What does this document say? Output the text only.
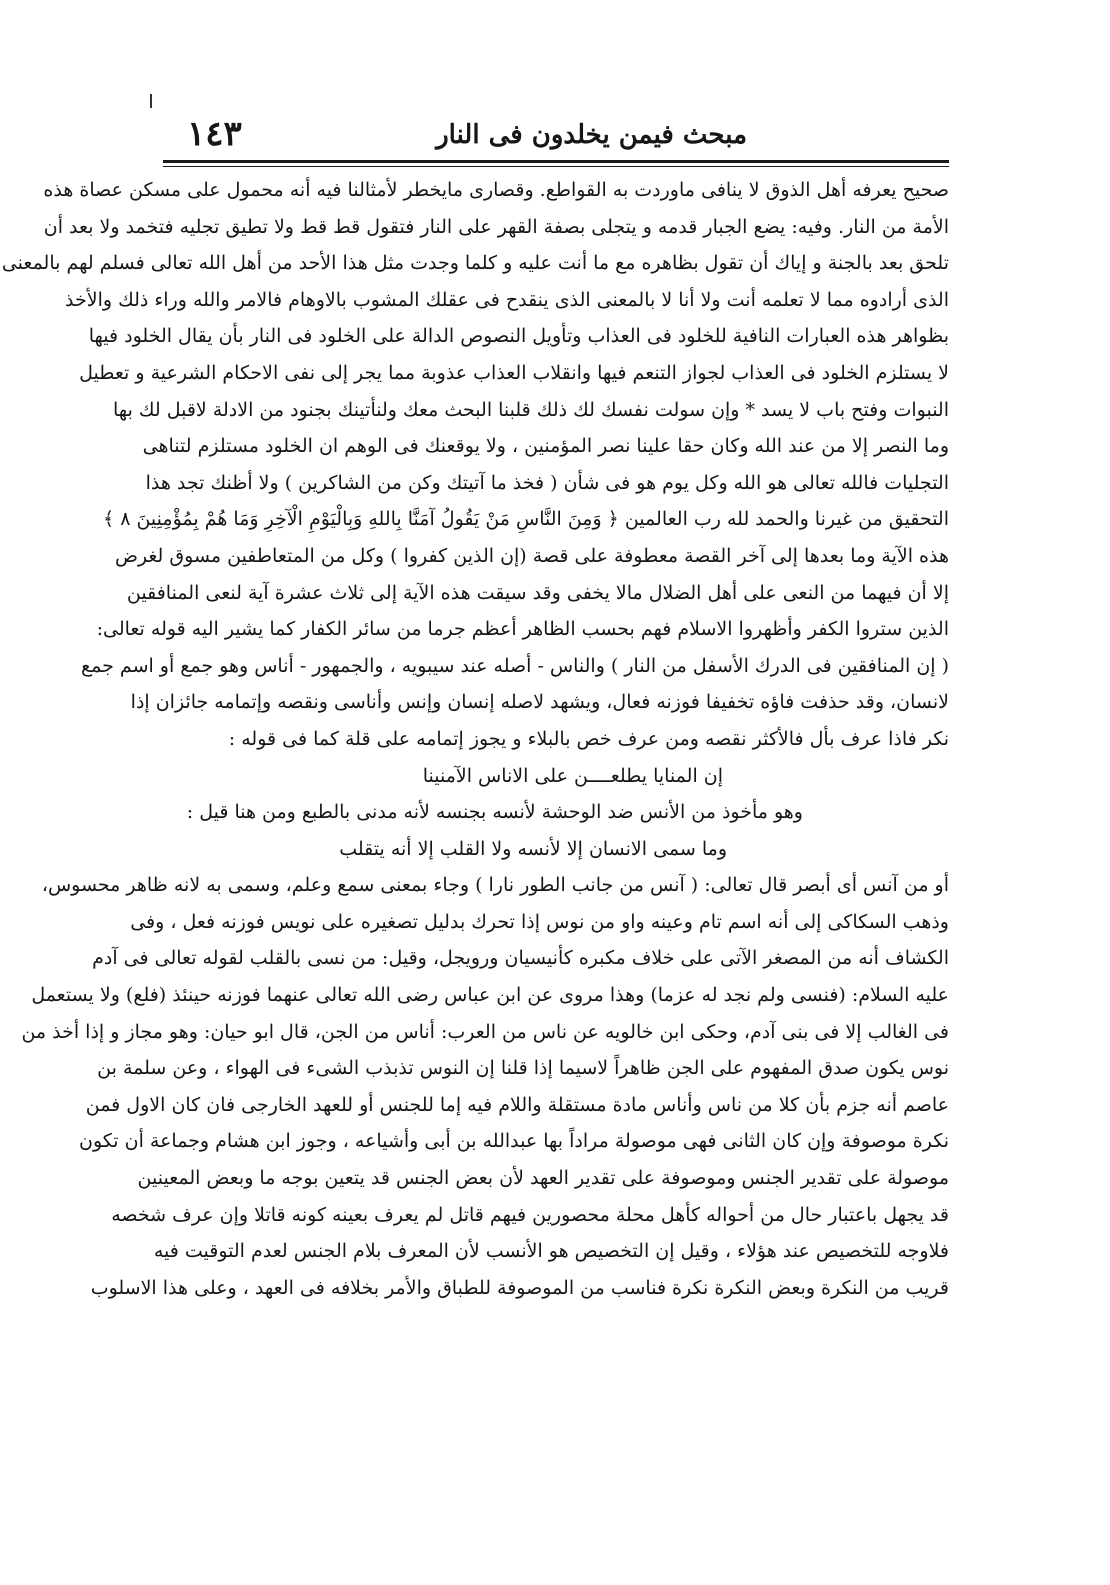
مبحث فيمن يخلدون فى النار
١٤٣
صحيح يعرفه أهل الذوق لا ينافى ماوردت به القواطع. وقصارى مايخطر لأمثالنا فيه أنه محمول على مسكن عصاة هذه
الأمة من النار. وفيه: يضع الجبار قدمه و يتجلى بصفة القهر على النار فتقول قط قط ولا تطيق تجليه فتخمد ولا بعد أن
تلحق بعد بالجنة و إياك أن تقول بظاهره مع ما أنت عليه و كلما وجدت مثل هذا الأحد من أهل الله تعالى فسلم لهم بالمعنى
الذى أرادوه مما لا تعلمه أنت ولا أنا لا بالمعنى الذى ينقدح فى عقلك المشوب بالاوهام فالامر والله وراء ذلك والأخذ
بظواهر هذه العبارات النافية للخلود فى العذاب وتأويل النصوص الدالة على الخلود فى النار بأن يقال الخلود فيها
لا يستلزم الخلود فى العذاب لجواز التنعم فيها وانقلاب العذاب عذوبة مما يجر إلى نفى الاحكام الشرعية و تعطيل
النبوات وفتح باب لا يسد * وإن سولت نفسك لك ذلك قلبنا البحث معك ولنأتينك بجنود من الادلة لاقبل لك بها
وما النصر إلا من عند الله وكان حقا علينا نصر المؤمنين ، ولا يوقعنك فى الوهم ان الخلود مستلزم لتناهى
التجليات فالله تعالى هو الله وكل يوم هو فى شأن ( فخذ ما آتيتك وكن من الشاكرين ) ولا أظنك تجد هذا
التحقيق من غيرنا والحمد لله رب العالمين ﴿ وَمِنَ النَّاسِ مَنْ يَقُولُ آمَنَّا بِاللهِ وَبِالْيَوْمِ الْآخِرِ وَمَا هُمْ بِمُؤْمِنِينَ ٨ ﴾
هذه الآية وما بعدها إلى آخر القصة معطوفة على قصة (إن الذين كفروا ) وكل من المتعاطفين مسوق لغرض
إلا أن فيهما من النعى على أهل الضلال مالا يخفى وقد سيقت هذه الآية إلى ثلاث عشرة آية لنعى المنافقين
الذين ستروا الكفر وأظهروا الاسلام فهم بحسب الظاهر أعظم جرما من سائر الكفار كما يشير اليه قوله تعالى:
( إن المنافقين فى الدرك الأسفل من النار ) والناس - أصله عند سيبويه ، والجمهور - أناس وهو جمع أو اسم جمع
لانسان، وقد حذفت فاؤه تخفيفا فوزنه فعال، ويشهد لاصله إنسان وإنس وأناسى ونقصه وإتمامه جائزان إذا
نكر فاذا عرف بأل فالأكثر نقصه ومن عرف خص بالبلاء و يجوز إتمامه على قلة كما فى قوله :
إن المنايا يطلعــــن على الاناس الآمنينا
وهو مأخوذ من الأنس ضد الوحشة لأنسه بجنسه لأنه مدنى بالطبع ومن هنا قيل :
وما سمى الانسان إلا لأنسه ولا القلب إلا أنه يتقلب
أو من آنس أى أبصر قال تعالى: ( آنس من جانب الطور نارا ) وجاء بمعنى سمع وعلم، وسمى به لانه ظاهر محسوس،
وذهب السكاكى إلى أنه اسم تام وعينه واو من نوس إذا تحرك بدليل تصغيره على نويس فوزنه فعل ، وفى
الكشاف أنه من المصغر الآتى على خلاف مكبره كأنيسيان ورويجل، وقيل: من نسى بالقلب لقوله تعالى فى آدم
عليه السلام: (فنسى ولم نجد له عزما) وهذا مروى عن ابن عباس رضى الله تعالى عنهما فوزنه حينئذ (فلع) ولا يستعمل
فى الغالب إلا فى بنى آدم، وحكى ابن خالويه عن ناس من العرب: أناس من الجن، قال ابو حيان: وهو مجاز و إذا أخذ من
نوس يكون صدق المفهوم على الجن ظاهراً لاسيما إذا قلنا إن النوس تذبذب الشىء فى الهواء ، وعن سلمة بن
عاصم أنه جزم بأن كلا من ناس وأناس مادة مستقلة واللام فيه إما للجنس أو للعهد الخارجى فان كان الاول فمن
نكرة موصوفة وإن كان الثانى فهى موصولة مراداً بها عبدالله بن أبى وأشياعه ، وجوز ابن هشام وجماعة أن تكون
موصولة على تقدير الجنس وموصوفة على تقدير العهد لأن بعض الجنس قد يتعين بوجه ما وبعض المعينين
قد يجهل باعتبار حال من أحواله كأهل محلة محصورين فيهم قاتل لم يعرف بعينه كونه قاتلا وإن عرف شخصه
فلاوجه للتخصيص عند هؤلاء ، وقيل إن التخصيص هو الأنسب لأن المعرف بلام الجنس لعدم التوقيت فيه
قريب من النكرة وبعض النكرة نكرة فناسب من الموصوفة للطباق والأمر بخلافه فى العهد ، وعلى هذا الاسلوب
